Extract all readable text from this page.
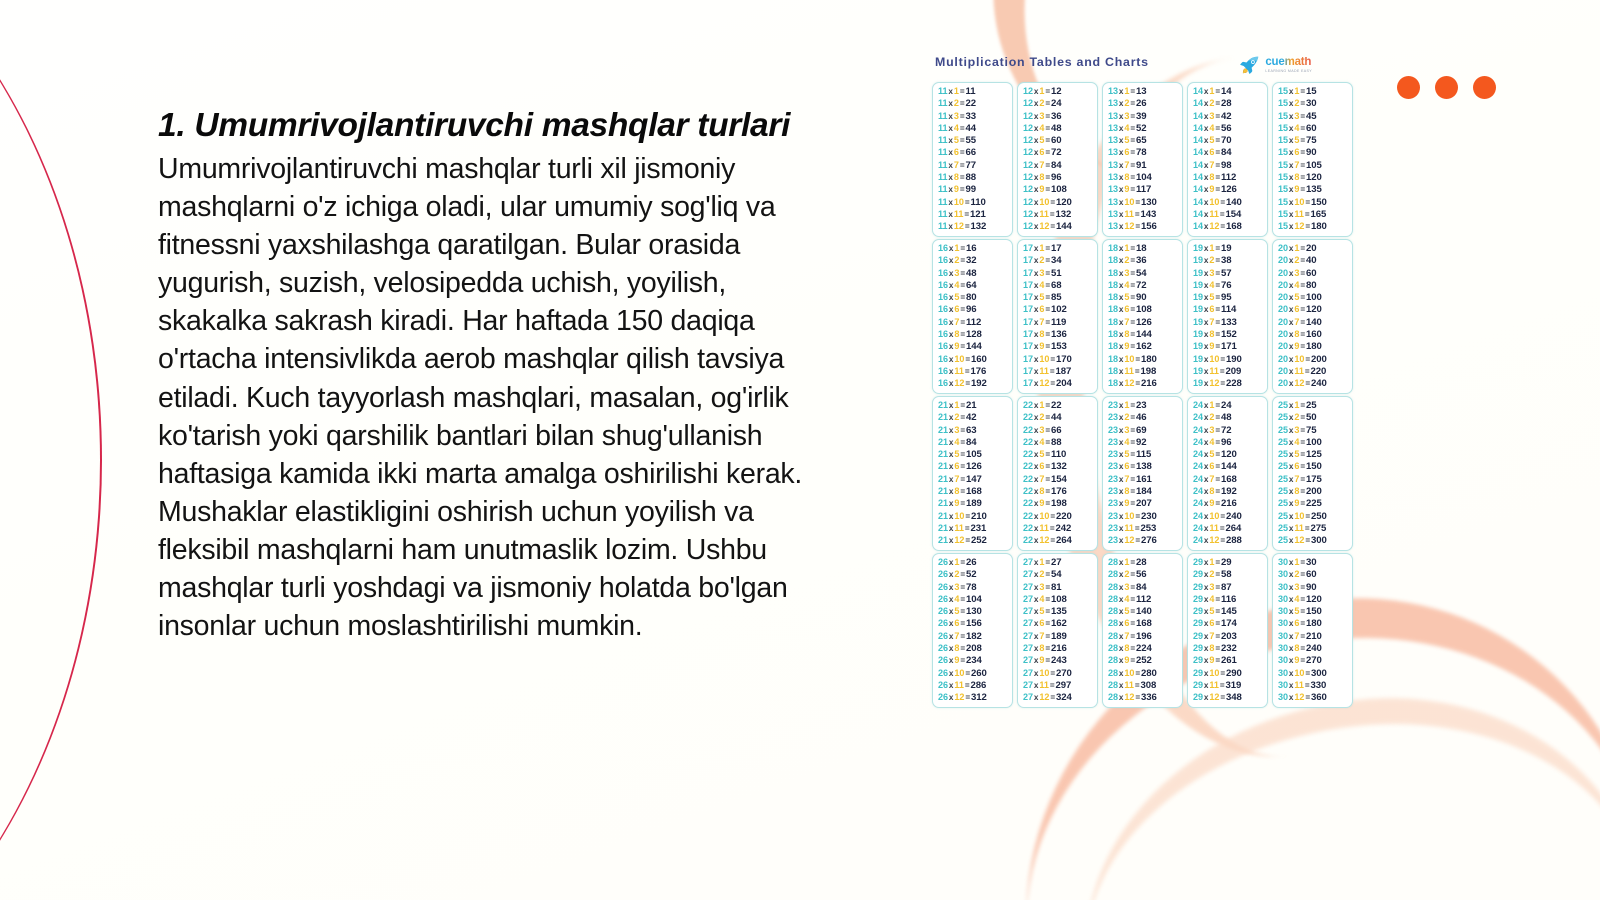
1. Umumrivojlantiruvchi mashqlar turlari

Umumrivojlantiruvchi mashqlar turli xil jismoniy mashqlarni o'z ichiga oladi, ular umumiy sog'liq va fitnessni yaxshilashga qaratilgan. Bular orasida yugurish, suzish, velosipedda uchish, yoyilish, skakalka sakrash kiradi. Har haftada 150 daqiqa o'rtacha intensivlikda aerob mashqlar qilish tavsiya etiladi. Kuch tayyorlash mashqlari, masalan, og'irlik ko'tarish yoki qarshilik bantlari bilan shug'ullanish haftasiga kamida ikki marta amalga oshirilishi kerak. Mushaklar elastikligini oshirish uchun yoyilish va fleksibil mashqlarni ham unutmaslik lozim. Ushbu mashqlar turli yoshdagi va jismoniy holatda bo'lgan insonlar uchun moslashtirilishi mumkin.

Multiplication Tables and Charts	cuemath
LEARNING MADE EASY
11x1=11
11x2=22
11x3=33
11x4=44
11x5=55
11x6=66
11x7=77
11x8=88
11x9=99
11x10=110
11x11=121
11x12=132
12x1=12
12x2=24
12x3=36
12x4=48
12x5=60
12x6=72
12x7=84
12x8=96
12x9=108
12x10=120
12x11=132
12x12=144
13x1=13
13x2=26
13x3=39
13x4=52
13x5=65
13x6=78
13x7=91
13x8=104
13x9=117
13x10=130
13x11=143
13x12=156
14x1=14
14x2=28
14x3=42
14x4=56
14x5=70
14x6=84
14x7=98
14x8=112
14x9=126
14x10=140
14x11=154
14x12=168
15x1=15
15x2=30
15x3=45
15x4=60
15x5=75
15x6=90
15x7=105
15x8=120
15x9=135
15x10=150
15x11=165
15x12=180
16x1=16
16x2=32
16x3=48
16x4=64
16x5=80
16x6=96
16x7=112
16x8=128
16x9=144
16x10=160
16x11=176
16x12=192
17x1=17
17x2=34
17x3=51
17x4=68
17x5=85
17x6=102
17x7=119
17x8=136
17x9=153
17x10=170
17x11=187
17x12=204
18x1=18
18x2=36
18x3=54
18x4=72
18x5=90
18x6=108
18x7=126
18x8=144
18x9=162
18x10=180
18x11=198
18x12=216
19x1=19
19x2=38
19x3=57
19x4=76
19x5=95
19x6=114
19x7=133
19x8=152
19x9=171
19x10=190
19x11=209
19x12=228
20x1=20
20x2=40
20x3=60
20x4=80
20x5=100
20x6=120
20x7=140
20x8=160
20x9=180
20x10=200
20x11=220
20x12=240
21x1=21
21x2=42
21x3=63
21x4=84
21x5=105
21x6=126
21x7=147
21x8=168
21x9=189
21x10=210
21x11=231
21x12=252
22x1=22
22x2=44
22x3=66
22x4=88
22x5=110
22x6=132
22x7=154
22x8=176
22x9=198
22x10=220
22x11=242
22x12=264
23x1=23
23x2=46
23x3=69
23x4=92
23x5=115
23x6=138
23x7=161
23x8=184
23x9=207
23x10=230
23x11=253
23x12=276
24x1=24
24x2=48
24x3=72
24x4=96
24x5=120
24x6=144
24x7=168
24x8=192
24x9=216
24x10=240
24x11=264
24x12=288
25x1=25
25x2=50
25x3=75
25x4=100
25x5=125
25x6=150
25x7=175
25x8=200
25x9=225
25x10=250
25x11=275
25x12=300
26x1=26
26x2=52
26x3=78
26x4=104
26x5=130
26x6=156
26x7=182
26x8=208
26x9=234
26x10=260
26x11=286
26x12=312
27x1=27
27x2=54
27x3=81
27x4=108
27x5=135
27x6=162
27x7=189
27x8=216
27x9=243
27x10=270
27x11=297
27x12=324
28x1=28
28x2=56
28x3=84
28x4=112
28x5=140
28x6=168
28x7=196
28x8=224
28x9=252
28x10=280
28x11=308
28x12=336
29x1=29
29x2=58
29x3=87
29x4=116
29x5=145
29x6=174
29x7=203
29x8=232
29x9=261
29x10=290
29x11=319
29x12=348
30x1=30
30x2=60
30x3=90
30x4=120
30x5=150
30x6=180
30x7=210
30x8=240
30x9=270
30x10=300
30x11=330
30x12=360
